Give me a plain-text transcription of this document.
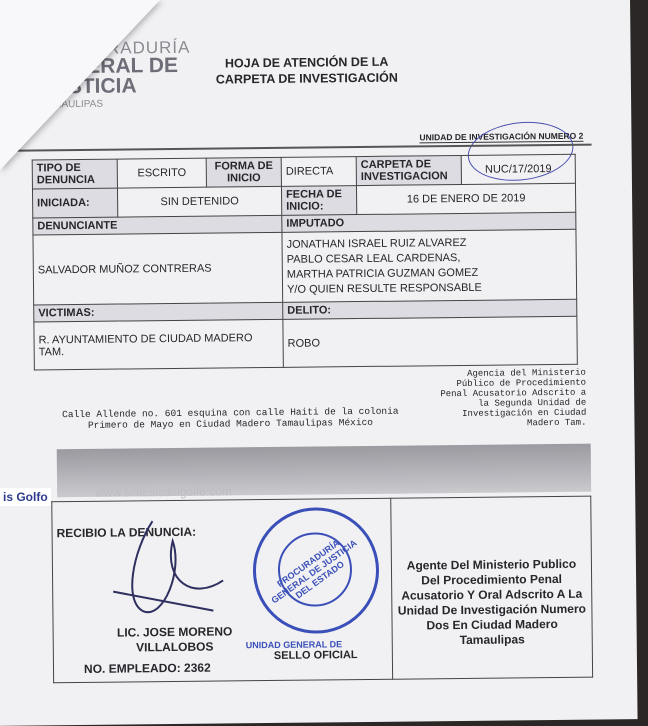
PROCURADURÍA
GENERAL DE
JUSTICIA
TAMAULIPAS
HOJA DE ATENCIÓN DE LA
CARPETA DE INVESTIGACIÓN
UNIDAD DE INVESTIGACIÓN NUMERO 2
TIPO DE DENUNCIA	ESCRITO	FORMA DE INICIO	DIRECTA	CARPETA DE INVESTIGACION	NUC/17/2019
INICIADA:	SIN DETENIDO		FECHA DE INICIO:	16 DE ENERO DE 2019	
DENUNCIANTE			IMPUTADO		
SALVADOR MUÑOZ CONTRERAS			JONATHAN ISRAEL RUIZ ALVAREZ
PABLO CESAR LEAL CARDENAS,
MARTHA PATRICIA GUZMAN GOMEZ
Y/O QUIEN RESULTE RESPONSABLE		

VICTIMAS:			DELITO:		
R. AYUNTAMIENTO DE CIUDAD MADERO TAM.			ROBO		
Calle Allende no. 601 esquina con calle Haiti de la colonia Primero de Mayo en Ciudad Madero Tamaulipas México
Agencia del Ministerio Público de Procedimiento Penal Acusatorio Adscrito a la Segunda Unidad de Investigación en Ciudad Madero Tam.
www.sintesisdelgolfo.com
RECIBIO LA DENUNCIA:
PROCURADURÍA GENERAL DE JUSTICIA DEL ESTADO
UNIDAD GENERAL DE
SELLO OFICIAL
LIC. JOSE MORENO VILLALOBOS
NO. EMPLEADO: 2362
	Agente Del Ministerio Publico Del Procedimiento Penal Acusatorio Y Oral Adscrito A La Unidad De Investigación Numero Dos En Ciudad Madero Tamaulipas
is Golfo
